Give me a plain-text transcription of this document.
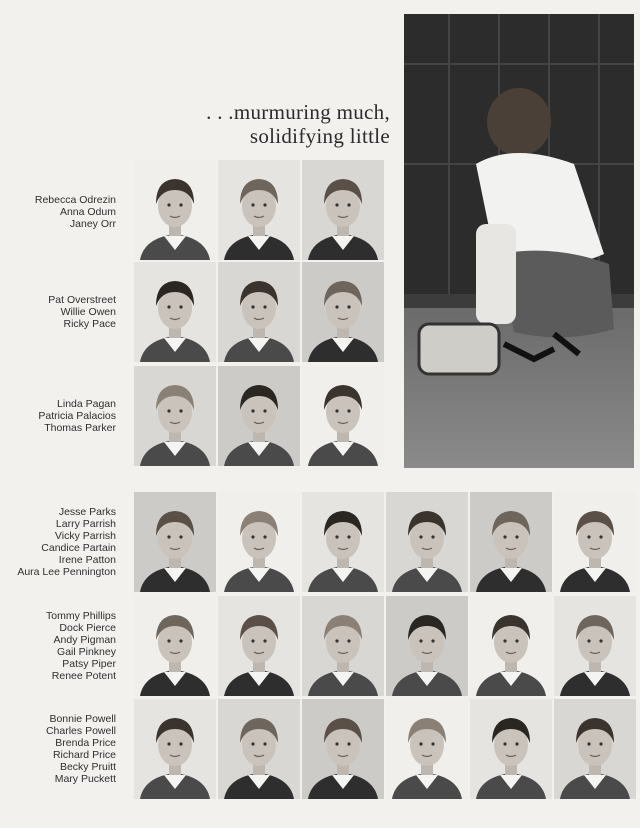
. . .murmuring much,
solidifying little
Rebecca Odrezin
Anna Odum
Janey Orr
Pat Overstreet
Willie Owen
Ricky Pace
Linda Pagan
Patricia Palacios
Thomas Parker
Jesse Parks
Larry Parrish
Vicky Parrish
Candice Partain
Irene Patton
Aura Lee Pennington
Tommy Phillips
Dock Pierce
Andy Pigman
Gail Pinkney
Patsy Piper
Renee Potent
Bonnie Powell
Charles Powell
Brenda Price
Richard Price
Becky Pruitt
Mary Puckett
